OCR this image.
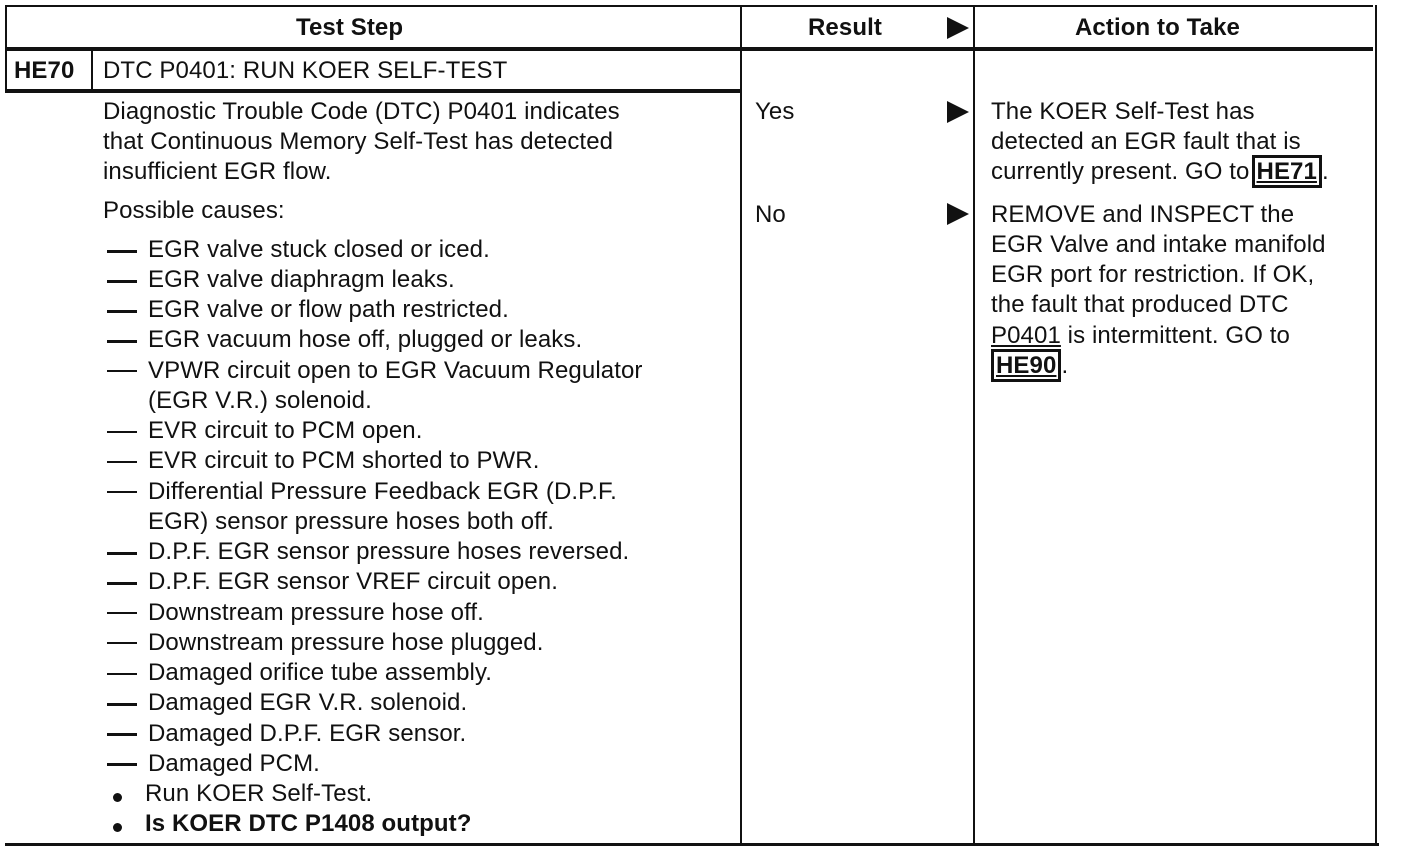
Test Step	Result	Action to Take
HE70 DTC P0401: RUN KOER SELF-TEST
Diagnostic Trouble Code (DTC) P0401 indicates
that Continuous Memory Self-Test has detected
insufficient EGR flow.
Possible causes:
EGR valve stuck closed or iced.
EGR valve diaphragm leaks.
EGR valve or flow path restricted.
EGR vacuum hose off, plugged or leaks.
VPWR circuit open to EGR Vacuum Regulator
(EGR V.R.) solenoid.
EVR circuit to PCM open.
EVR circuit to PCM shorted to PWR.
Differential Pressure Feedback EGR (D.P.F.
EGR) sensor pressure hoses both off.
D.P.F. EGR sensor pressure hoses reversed.
D.P.F. EGR sensor VREF circuit open.
Downstream pressure hose off.
Downstream pressure hose plugged.
Damaged orifice tube assembly.
Damaged EGR V.R. solenoid.
Damaged D.P.F. EGR sensor.
Damaged PCM.
Run KOER Self-Test.
Is KOER DTC P1408 output?
Yes	The KOER Self-Test has
detected an EGR fault that is
currently present. GO to HE71 .
No	REMOVE and INSPECT the
EGR Valve and intake manifold
EGR port for restriction. If OK,
the fault that produced DTC
P0401 is intermittent. GO to
HE90 .
